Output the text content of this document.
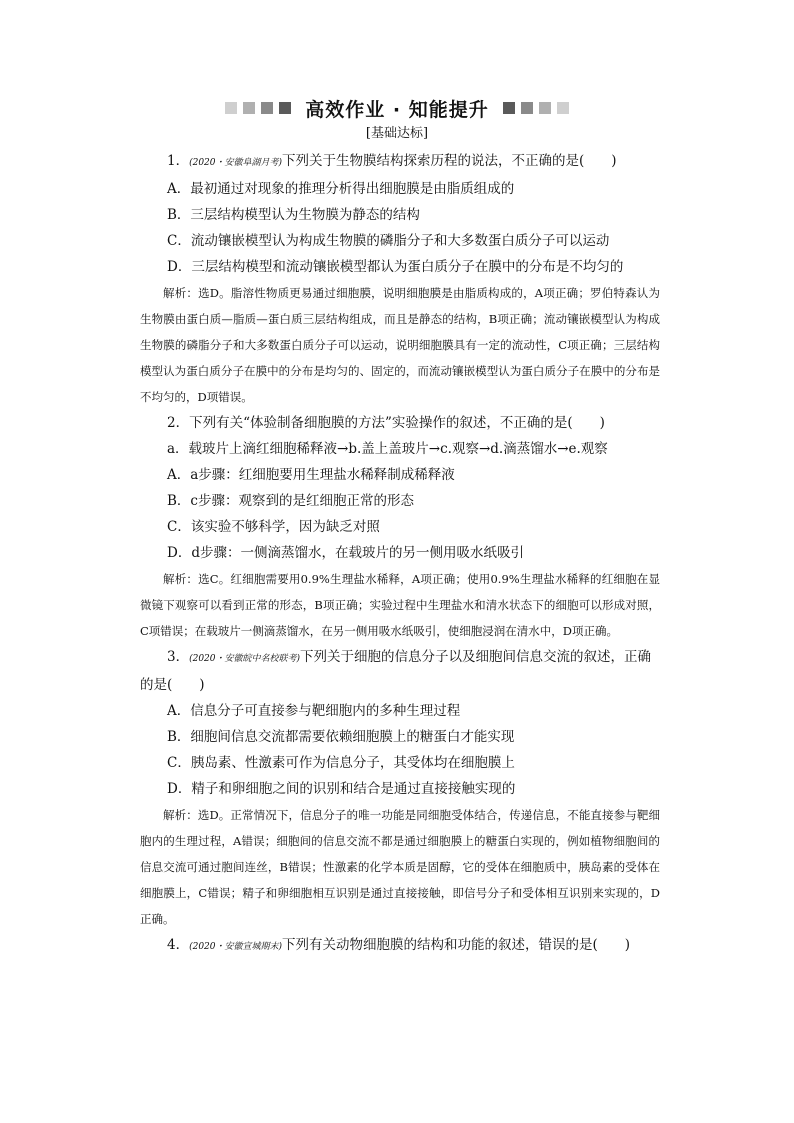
高效作业 · 知能提升
[基础达标]

1．(2020・安徽阜湖月考)下列关于生物膜结构探索历程的说法，不正确的是(　　)

A．最初通过对现象的推理分析得出细胞膜是由脂质组成的

B．三层结构模型认为生物膜为静态的结构

C．流动镶嵌模型认为构成生物膜的磷脂分子和大多数蛋白质分子可以运动

D．三层结构模型和流动镶嵌模型都认为蛋白质分子在膜中的分布是不均匀的

解析：选D。脂溶性物质更易通过细胞膜，说明细胞膜是由脂质构成的，A项正确；罗伯特森认为生物膜由蛋白质—脂质—蛋白质三层结构组成，而且是静态的结构，B项正确；流动镶嵌模型认为构成生物膜的磷脂分子和大多数蛋白质分子可以运动，说明细胞膜具有一定的流动性，C项正确；三层结构模型认为蛋白质分子在膜中的分布是均匀的、固定的，而流动镶嵌模型认为蛋白质分子在膜中的分布是不均匀的，D项错误。

2．下列有关“体验制备细胞膜的方法”实验操作的叙述，不正确的是(　　)

a．载玻片上滴红细胞稀释液→b.盖上盖玻片→c.观察→d.滴蒸馏水→e.观察

A．a步骤：红细胞要用生理盐水稀释制成稀释液

B．c步骤：观察到的是红细胞正常的形态

C．该实验不够科学，因为缺乏对照

D．d步骤：一侧滴蒸馏水，在载玻片的另一侧用吸水纸吸引

解析：选C。红细胞需要用0.9%生理盐水稀释，A项正确；使用0.9%生理盐水稀释的红细胞在显微镜下观察可以看到正常的形态，B项正确；实验过程中生理盐水和清水状态下的细胞可以形成对照，C项错误；在载玻片一侧滴蒸馏水，在另一侧用吸水纸吸引，使细胞浸润在清水中，D项正确。

3．(2020・安徽皖中名校联考)下列关于细胞的信息分子以及细胞间信息交流的叙述，正确的是(　　)

A．信息分子可直接参与靶细胞内的多种生理过程

B．细胞间信息交流都需要依赖细胞膜上的糖蛋白才能实现

C．胰岛素、性激素可作为信息分子，其受体均在细胞膜上

D．精子和卵细胞之间的识别和结合是通过直接接触实现的

解析：选D。正常情况下，信息分子的唯一功能是同细胞受体结合，传递信息，不能直接参与靶细胞内的生理过程，A错误；细胞间的信息交流不都是通过细胞膜上的糖蛋白实现的，例如植物细胞间的信息交流可通过胞间连丝，B错误；性激素的化学本质是固醇，它的受体在细胞质中，胰岛素的受体在细胞膜上，C错误；精子和卵细胞相互识别是通过直接接触，即信号分子和受体相互识别来实现的，D正确。

4．(2020・安徽宣城期末)下列有关动物细胞膜的结构和功能的叙述，错误的是(　　)
